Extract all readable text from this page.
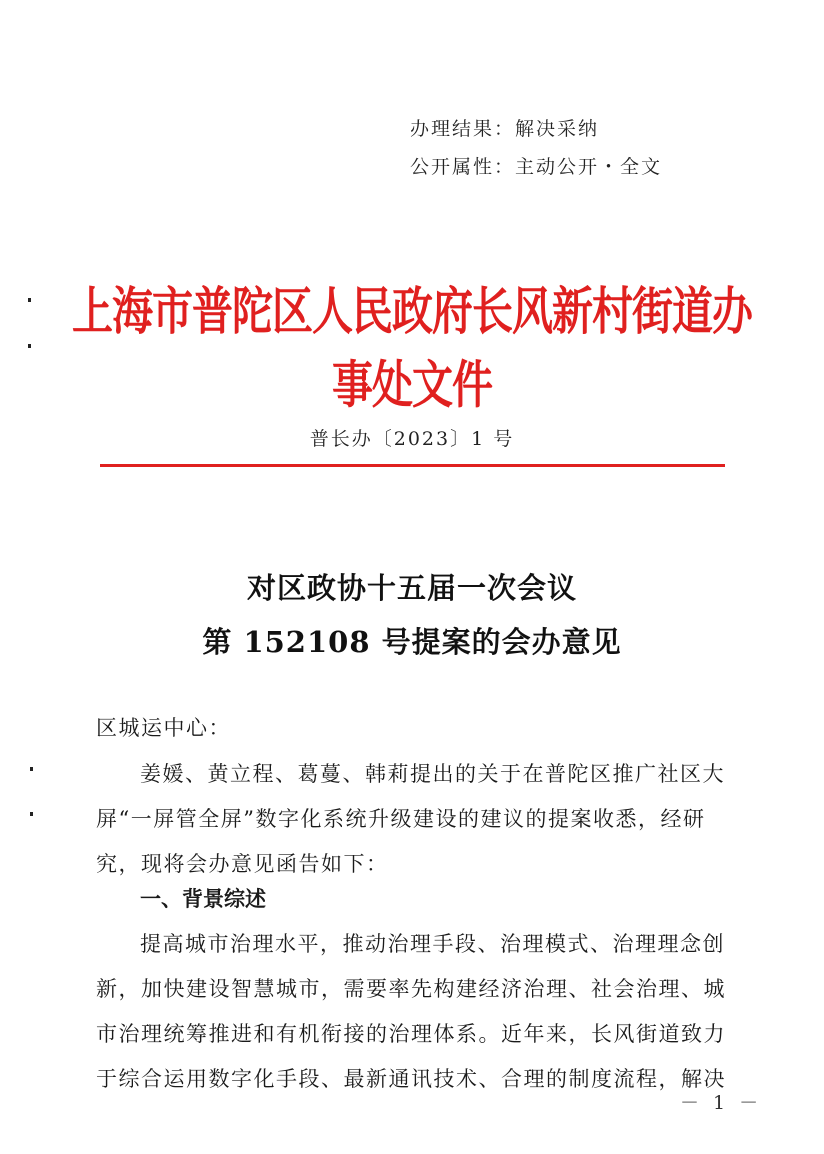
办理结果：解决采纳
公开属性：主动公开・全文
上海市普陀区人民政府长风新村街道办事处文件
普长办〔2023〕1 号
对区政协十五届一次会议
第 152108 号提案的会办意见
区城运中心：
姜媛、黄立程、葛蔓、韩莉提出的关于在普陀区推广社区大
屏“一屏管全屏”数字化系统升级建设的建议的提案收悉，经研
究，现将会办意见函告如下：
一、背景综述
提高城市治理水平，推动治理手段、治理模式、治理理念创
新，加快建设智慧城市，需要率先构建经济治理、社会治理、城
市治理统筹推进和有机衔接的治理体系。近年来，长风街道致力
于综合运用数字化手段、最新通讯技术、合理的制度流程，解决
－ 1 －
